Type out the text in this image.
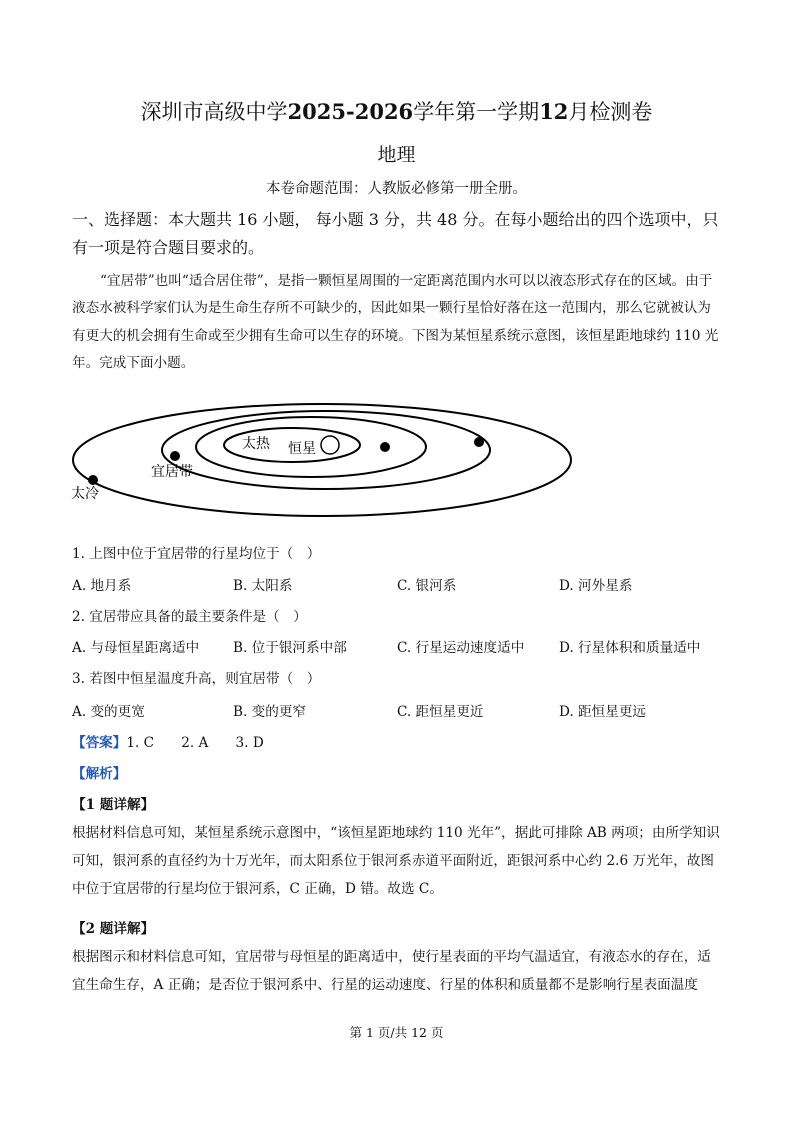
深圳市高级中学2025-2026学年第一学期12月检测卷
地理
本卷命题范围：人教版必修第一册全册。
一、选择题：本大题共 16 小题， 每小题 3 分，共 48 分。在每小题给出的四个选项中，只有一项是符合题目要求的。
“宜居带”也叫“适合居住带”，是指一颗恒星周围的一定距离范围内水可以以液态形式存在的区域。由于液态水被科学家们认为是生命生存所不可缺少的，因此如果一颗行星恰好落在这一范围内，那么它就被认为有更大的机会拥有生命或至少拥有生命可以生存的环境。下图为某恒星系统示意图，该恒星距地球约 110 光年。完成下面小题。
太热 恒星
宜居带
太冷
1. 上图中位于宜居带的行星均位于（　）
A. 地月系	B. 太阳系	C. 银河系	D. 河外星系
2. 宜居带应具备的最主要条件是（　）
A. 与母恒星距离适中 B. 位于银河系中部	C. 行星运动速度适中	D. 行星体积和质量适中
3. 若图中恒星温度升高，则宜居带（　）
A. 变的更宽	B. 变的更窄	C. 距恒星更近	D. 距恒星更远
【答案】1. C　　2. A　　3. D
【解析】
【1 题详解】
根据材料信息可知，某恒星系统示意图中，“该恒星距地球约 110 光年”，据此可排除 AB 两项；由所学知识可知，银河系的直径约为十万光年，而太阳系位于银河系赤道平面附近，距银河系中心约 2.6 万光年，故图中位于宜居带的行星均位于银河系，C 正确，D 错。故选 C。
【2 题详解】
根据图示和材料信息可知，宜居带与母恒星的距离适中，使行星表面的平均气温适宜，有液态水的存在，适宜生命生存，A 正确；是否位于银河系中、行星的运动速度、行星的体积和质量都不是影响行星表面温度
第 1 页/共 12 页
